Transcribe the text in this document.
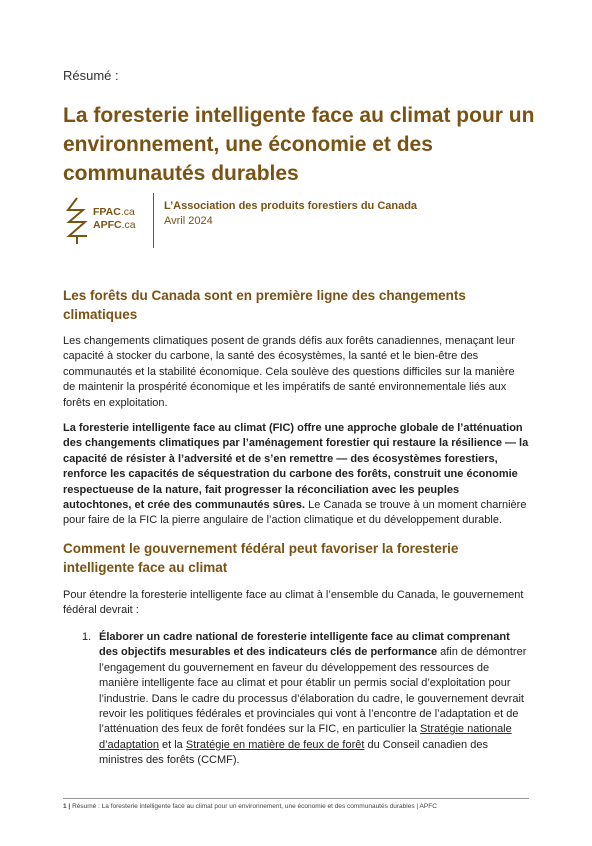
Résumé :
La foresterie intelligente face au climat pour un environnement, une économie et des communautés durables
FPAC.ca
APFC.ca
L’Association des produits forestiers du Canada
Avril 2024
Les forêts du Canada sont en première ligne des changements climatiques

Les changements climatiques posent de grands défis aux forêts canadiennes, menaçant leur capacité à stocker du carbone, la santé des écosystèmes, la santé et le bien-être des communautés et la stabilité économique. Cela soulève des questions difficiles sur la manière de maintenir la prospérité économique et les impératifs de santé environnementale liés aux forêts en exploitation.

La foresterie intelligente face au climat (FIC) offre une approche globale de l’atténuation des changements climatiques par l’aménagement forestier qui restaure la résilience — la capacité de résister à l’adversité et de s’en remettre — des écosystèmes forestiers, renforce les capacités de séquestration du carbone des forêts, construit une économie respectueuse de la nature, fait progresser la réconciliation avec les peuples autochtones, et crée des communautés sûres. Le Canada se trouve à un moment charnière pour faire de la FIC la pierre angulaire de l’action climatique et du développement durable.

Comment le gouvernement fédéral peut favoriser la foresterie intelligente face au climat

Pour étendre la foresterie intelligente face au climat à l’ensemble du Canada, le gouvernement fédéral devrait :

1. Élaborer un cadre national de foresterie intelligente face au climat comprenant des objectifs mesurables et des indicateurs clés de performance afin de démontrer l’engagement du gouvernement en faveur du développement des ressources de manière intelligente face au climat et pour établir un permis social d’exploitation pour l’industrie. Dans le cadre du processus d’élaboration du cadre, le gouvernement devrait revoir les politiques fédérales et provinciales qui vont à l’encontre de l’adaptation et de l’atténuation des feux de forêt fondées sur la FIC, en particulier la Stratégie nationale d’adaptation et la Stratégie en matière de feux de forêt du Conseil canadien des ministres des forêts (CCMF).
1 | Résumé : La foresterie intelligente face au climat pour un environnement, une économie et des communautés durables | APFC
